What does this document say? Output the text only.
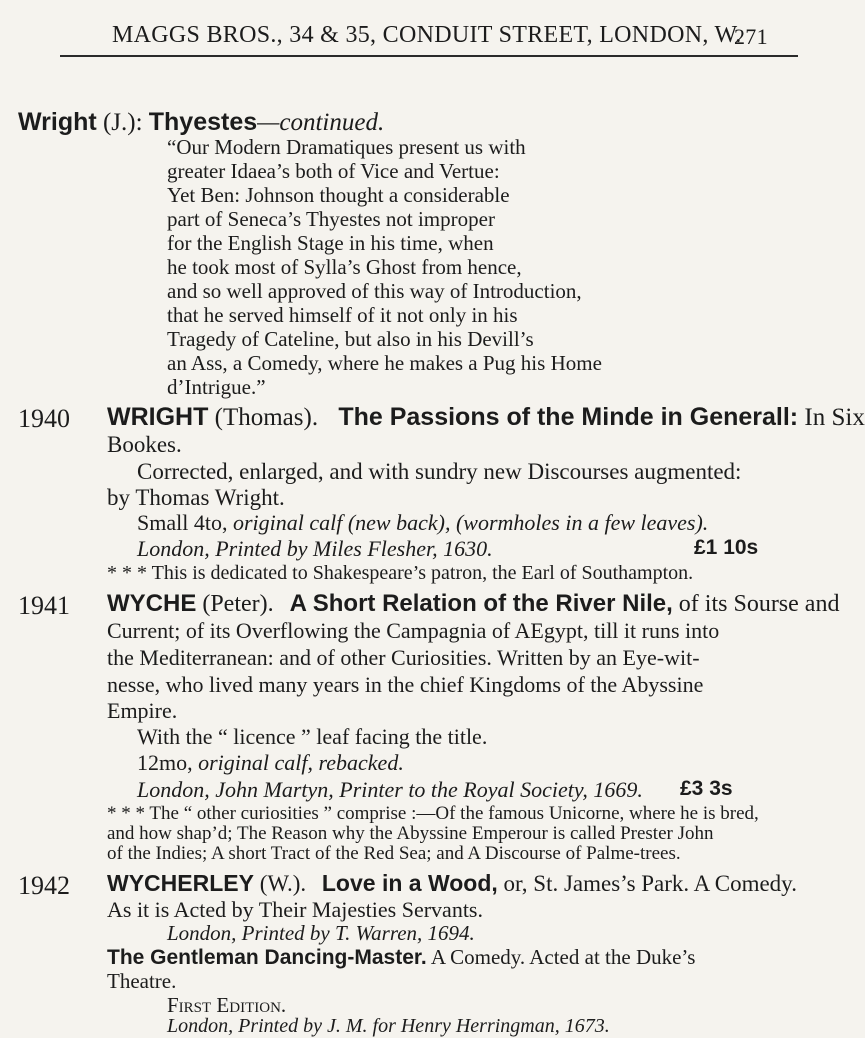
MAGGS BROS., 34 & 35, CONDUIT STREET, LONDON, W.
271
Wright (J.): Thyestes—continued.
“Our Modern Dramatiques present us with
greater Idaea’s both of Vice and Vertue:
Yet Ben: Johnson thought a considerable
part of Seneca’s Thyestes not improper
for the English Stage in his time, when
he took most of Sylla’s Ghost from hence,
and so well approved of this way of Introduction,
that he served himself of it not only in his
Tragedy of Cateline, but also in his Devill’s
an Ass, a Comedy, where he makes a Pug his Home
d’Intrigue.”
1940 WRIGHT (Thomas). The Passions of the Minde in Generall: In Six
Bookes.
Corrected, enlarged, and with sundry new Discourses augmented:
by Thomas Wright.
Small 4to, original calf (new back), (wormholes in a few leaves).
London, Printed by Miles Flesher, 1630.	£1 10s
* * * This is dedicated to Shakespeare’s patron, the Earl of Southampton.
1941 WYCHE (Peter). A Short Relation of the River Nile, of its Sourse and
Current; of its Overflowing the Campagnia of AEgypt, till it runs into
the Mediterranean: and of other Curiosities. Written by an Eye-wit-
nesse, who lived many years in the chief Kingdoms of the Abyssine
Empire.
With the “ licence ” leaf facing the title.
12mo, original calf, rebacked.
London, John Martyn, Printer to the Royal Society, 1669. £3 3s
* * * The “ other curiosities ” comprise :—Of the famous Unicorne, where he is bred,
and how shap’d; The Reason why the Abyssine Emperour is called Prester John
of the Indies; A short Tract of the Red Sea; and A Discourse of Palme-trees.
1942 WYCHERLEY (W.). Love in a Wood, or, St. James’s Park. A Comedy.
As it is Acted by Their Majesties Servants.
London, Printed by T. Warren, 1694.
The Gentleman Dancing-Master. A Comedy. Acted at the Duke’s
Theatre.
First Edition.
London, Printed by J. M. for Henry Herringman, 1673.
